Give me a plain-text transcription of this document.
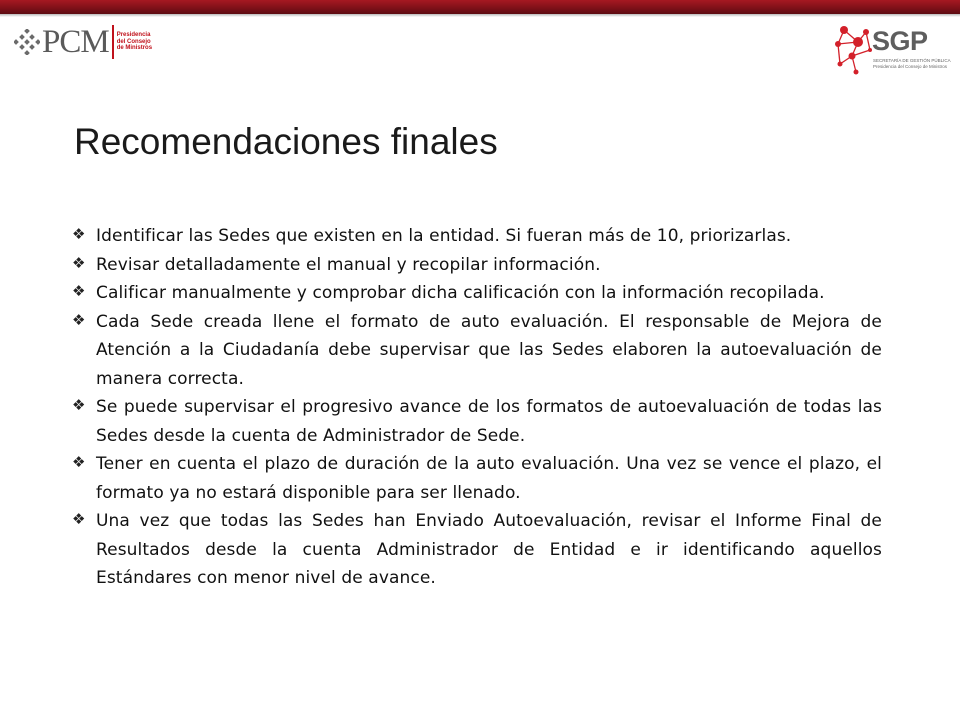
PCM Presidencia
del Consejo
de Ministros	SGP
SECRETARÍA DE GESTIÓN PÚBLICA
Presidencia del Consejo de Ministros
Recomendaciones finales
❖ Identificar las Sedes que existen en la entidad. Si fueran más de 10, priorizarlas.
❖ Revisar detalladamente el manual y recopilar información.
❖ Calificar manualmente y comprobar dicha calificación con la información recopilada.
❖ Cada Sede creada llene el formato de auto evaluación. El responsable de Mejora de Atención a la Ciudadanía debe supervisar que las Sedes elaboren la autoevaluación de manera correcta.
❖ Se puede supervisar el progresivo avance de los formatos de autoevaluación de todas las Sedes desde la cuenta de Administrador de Sede.
❖ Tener en cuenta el plazo de duración de la auto evaluación. Una vez se vence el plazo, el formato ya no estará disponible para ser llenado.
❖ Una vez que todas las Sedes han Enviado Autoevaluación, revisar el Informe Final de Resultados desde la cuenta Administrador de Entidad e ir identificando aquellos Estándares con menor nivel de avance.
